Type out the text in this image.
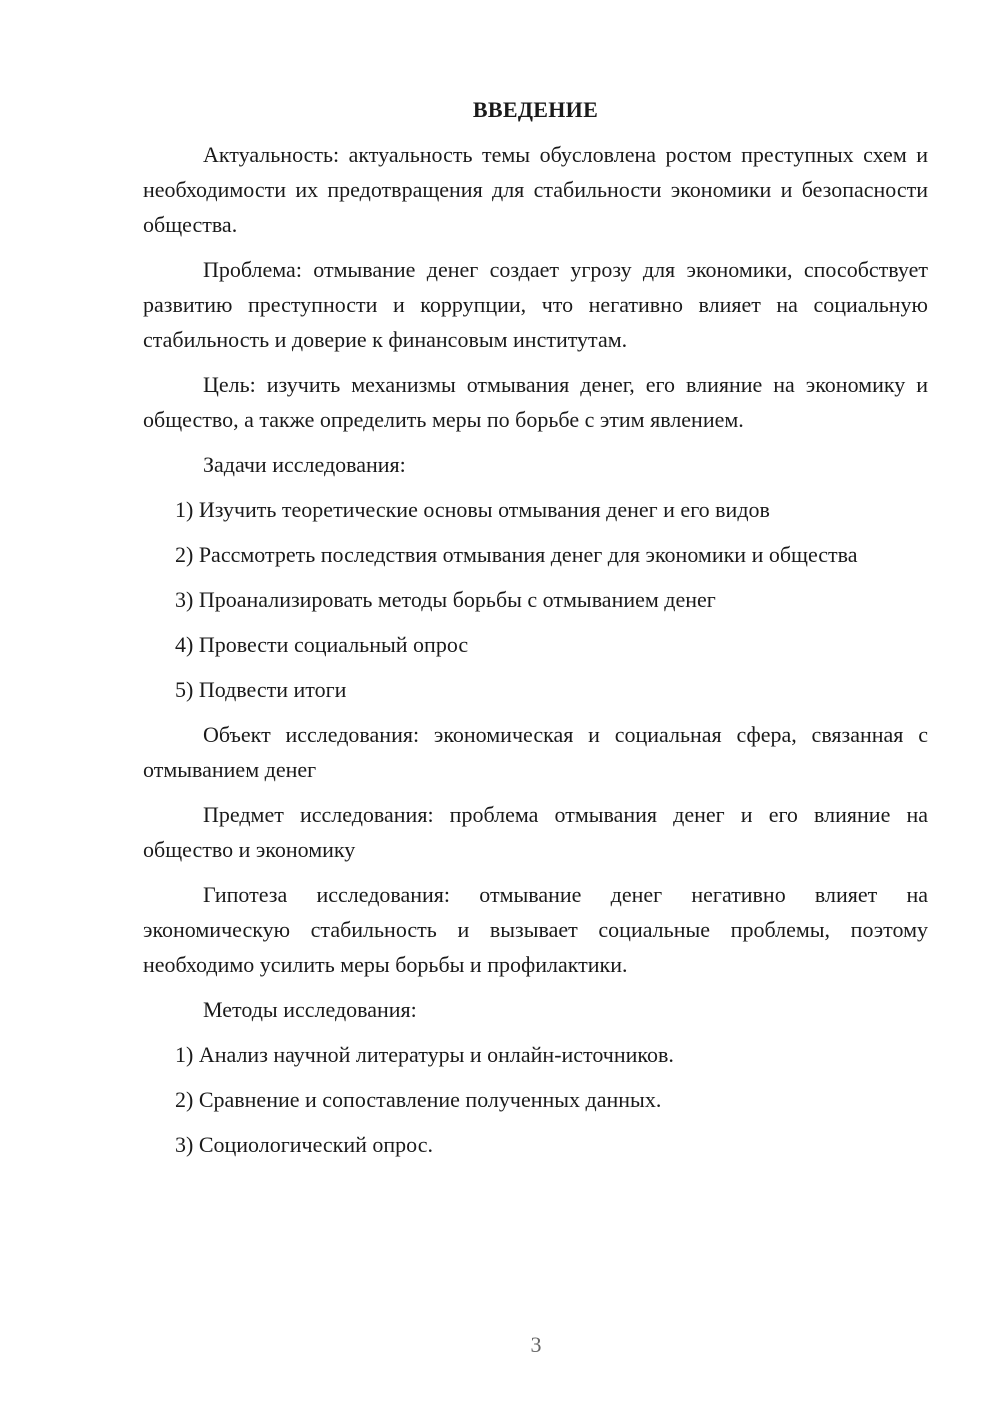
ВВЕДЕНИЕ
Актуальность: актуальность темы обусловлена ростом преступных схем и необходимости их предотвращения для стабильности экономики и безопасности общества.
Проблема: отмывание денег создает угрозу для экономики, способствует развитию преступности и коррупции, что негативно влияет на социальную стабильность и доверие к финансовым институтам.
Цель: изучить механизмы отмывания денег, его влияние на экономику и общество, а также определить меры по борьбе с этим явлением.
Задачи исследования:
1) Изучить теоретические основы отмывания денег и его видов
2) Рассмотреть последствия отмывания денег для экономики и общества
3) Проанализировать методы борьбы с отмыванием денег
4) Провести социальный опрос
5) Подвести итоги
Объект исследования: экономическая и социальная сфера, связанная с отмыванием денег
Предмет исследования: проблема отмывания денег и его влияние на общество и экономику
Гипотеза исследования: отмывание денег негативно влияет на экономическую стабильность и вызывает социальные проблемы, поэтому необходимо усилить меры борьбы и профилактики.
Методы исследования:
1) Анализ научной литературы и онлайн-источников.
2) Сравнение и сопоставление полученных данных.
3) Социологический опрос.
3
